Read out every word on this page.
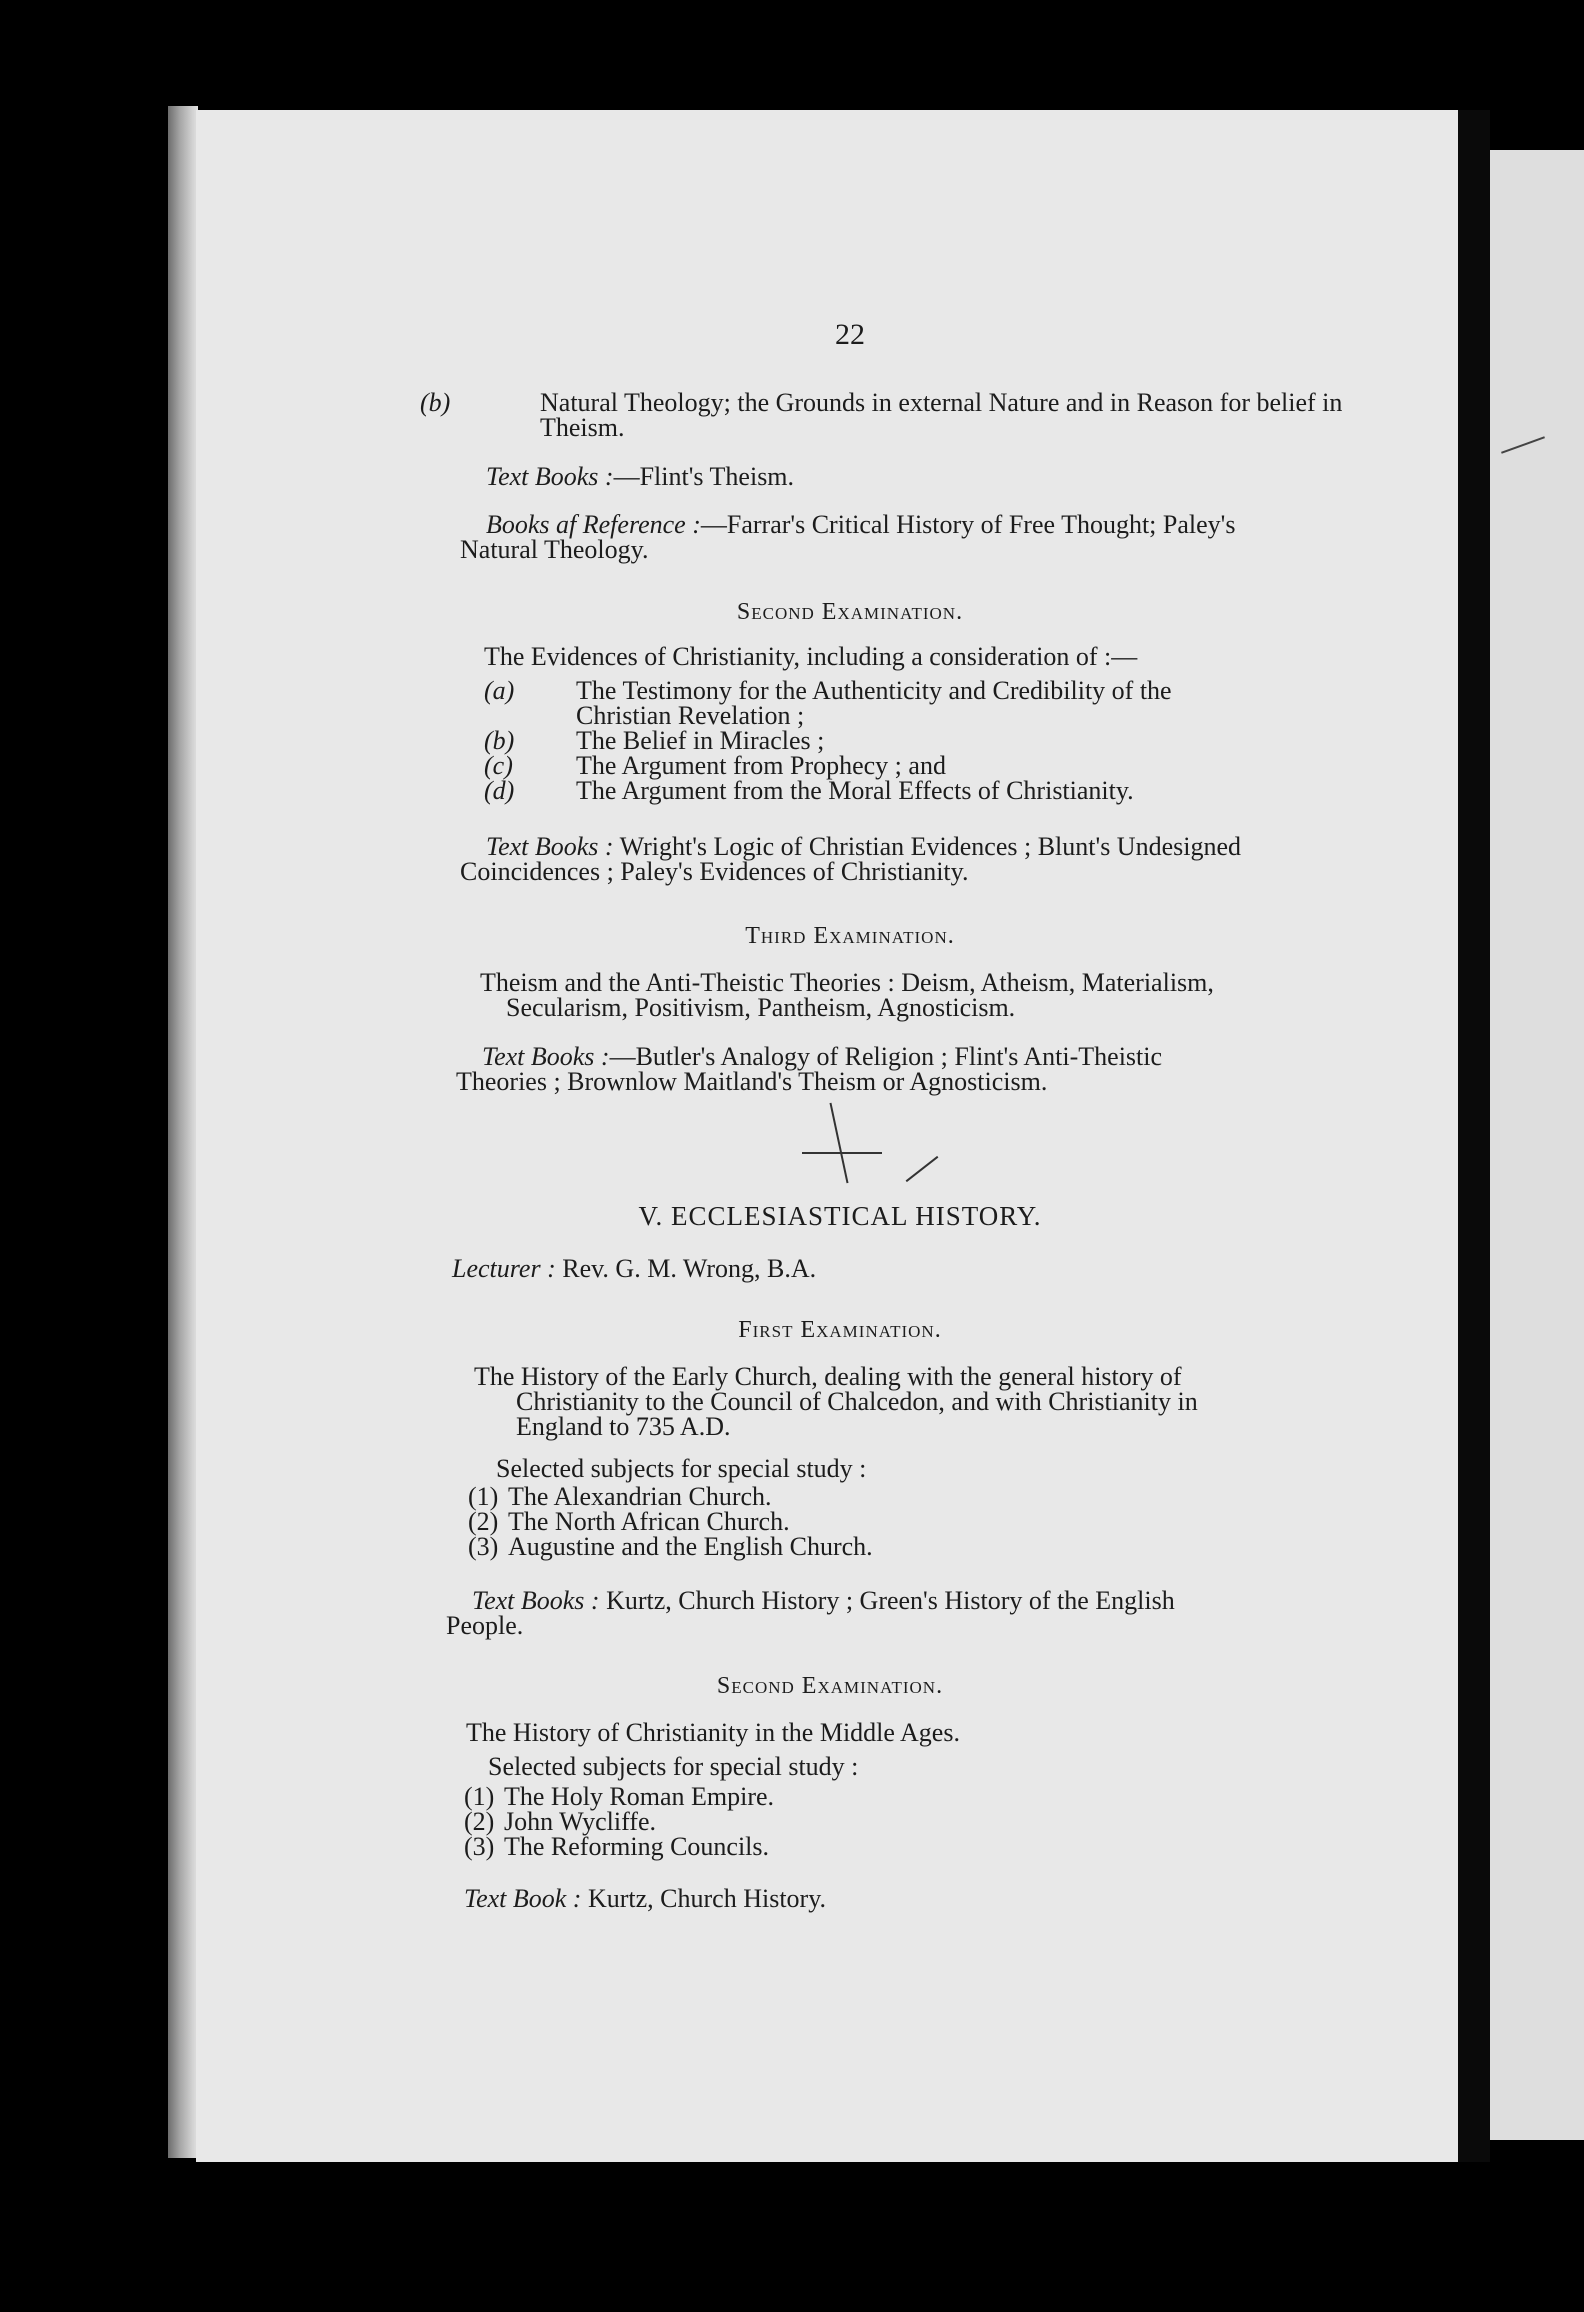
22
(b)	Natural Theology; the Grounds in external Nature and in Reason for belief in Theism.
Text Books :—Flint's Theism.
Books af Reference :—Farrar's Critical History of Free Thought; Paley's Natural Theology.
Second Examination.
The Evidences of Christianity, including a consideration of :—
(a) The Testimony for the Authenticity and Credibility of the Christian Revelation ;
(b) The Belief in Miracles ;
(c) The Argument from Prophecy ; and
(d) The Argument from the Moral Effects of Christianity.
Text Books : Wright's Logic of Christian Evidences ; Blunt's Undesigned Coincidences ; Paley's Evidences of Christianity.
Third Examination.
Theism and the Anti-Theistic Theories : Deism, Atheism, Materialism, Secularism, Positivism, Pantheism, Agnosticism.
Text Books :—Butler's Analogy of Religion ; Flint's Anti-Theistic Theories ; Brownlow Maitland's Theism or Agnosticism.
V. ECCLESIASTICAL HISTORY.
Lecturer : Rev. G. M. Wrong, B.A.
First Examination.
The History of the Early Church, dealing with the general history of Christianity to the Council of Chalcedon, and with Christianity in England to 735 A.D.
Selected subjects for special study :
(1) The Alexandrian Church.
(2) The North African Church.
(3) Augustine and the English Church.
Text Books : Kurtz, Church History ; Green's History of the English People.
Second Examination.
The History of Christianity in the Middle Ages.
Selected subjects for special study :
(1) The Holy Roman Empire.
(2) John Wycliffe.
(3) The Reforming Councils.
Text Book : Kurtz, Church History.
